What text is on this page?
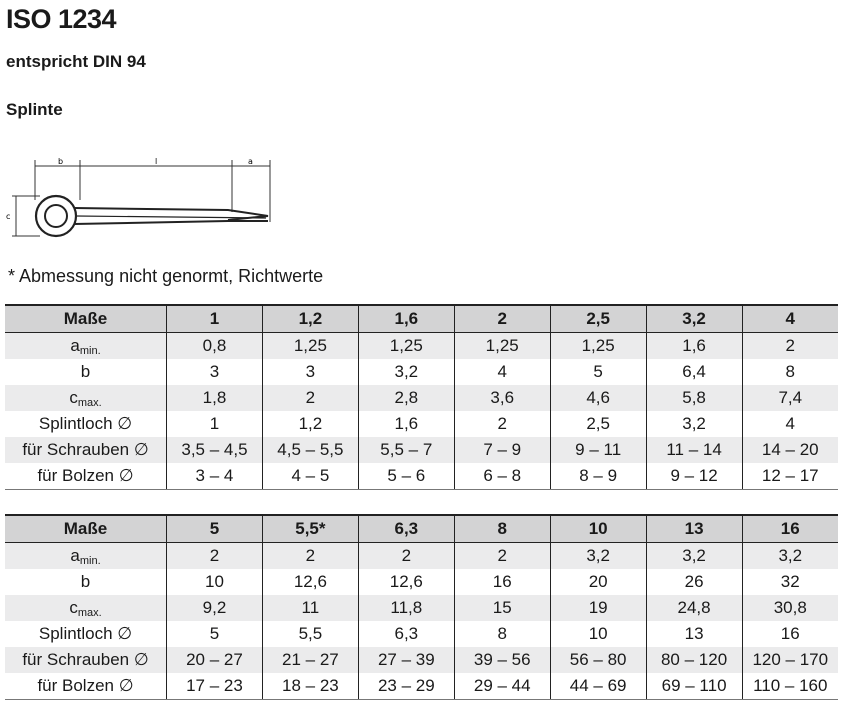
ISO 1234
entspricht DIN 94
Splinte
b	l	a
c
* Abmessung nicht genormt, Richtwerte
Maße	1	1,2	1,6	2	2,5	3,2	4
$a_{min.}$	0,8	1,25	1,25	1,25	1,25	1,6	2
b	3	3	3,2	4	5	6,4	8
$c_{max.}$	1,8	2	2,8	3,6	4,6	5,8	7,4
Splintloch ∅	1	1,2	1,6	2	2,5	3,2	4
für Schrauben ∅	3,5 – 4,5	4,5 – 5,5	5,5 – 7	7 – 9	9 – 11	11 – 14	14 – 20
für Bolzen ∅	3 – 4	4 – 5	5 – 6	6 – 8	8 – 9	9 – 12	12 – 17
Maße	5	5,5*	6,3	8	10	13	16
$a_{min.}$	2	2	2	2	3,2	3,2	3,2
b	10	12,6	12,6	16	20	26	32
$c_{max.}$	9,2	11	11,8	15	19	24,8	30,8
Splintloch ∅	5	5,5	6,3	8	10	13	16
für Schrauben ∅	20 – 27	21 – 27	27 – 39	39 – 56	56 – 80	80 – 120	120 – 170
für Bolzen ∅	17 – 23	18 – 23	23 – 29	29 – 44	44 – 69	69 – 110	110 – 160
